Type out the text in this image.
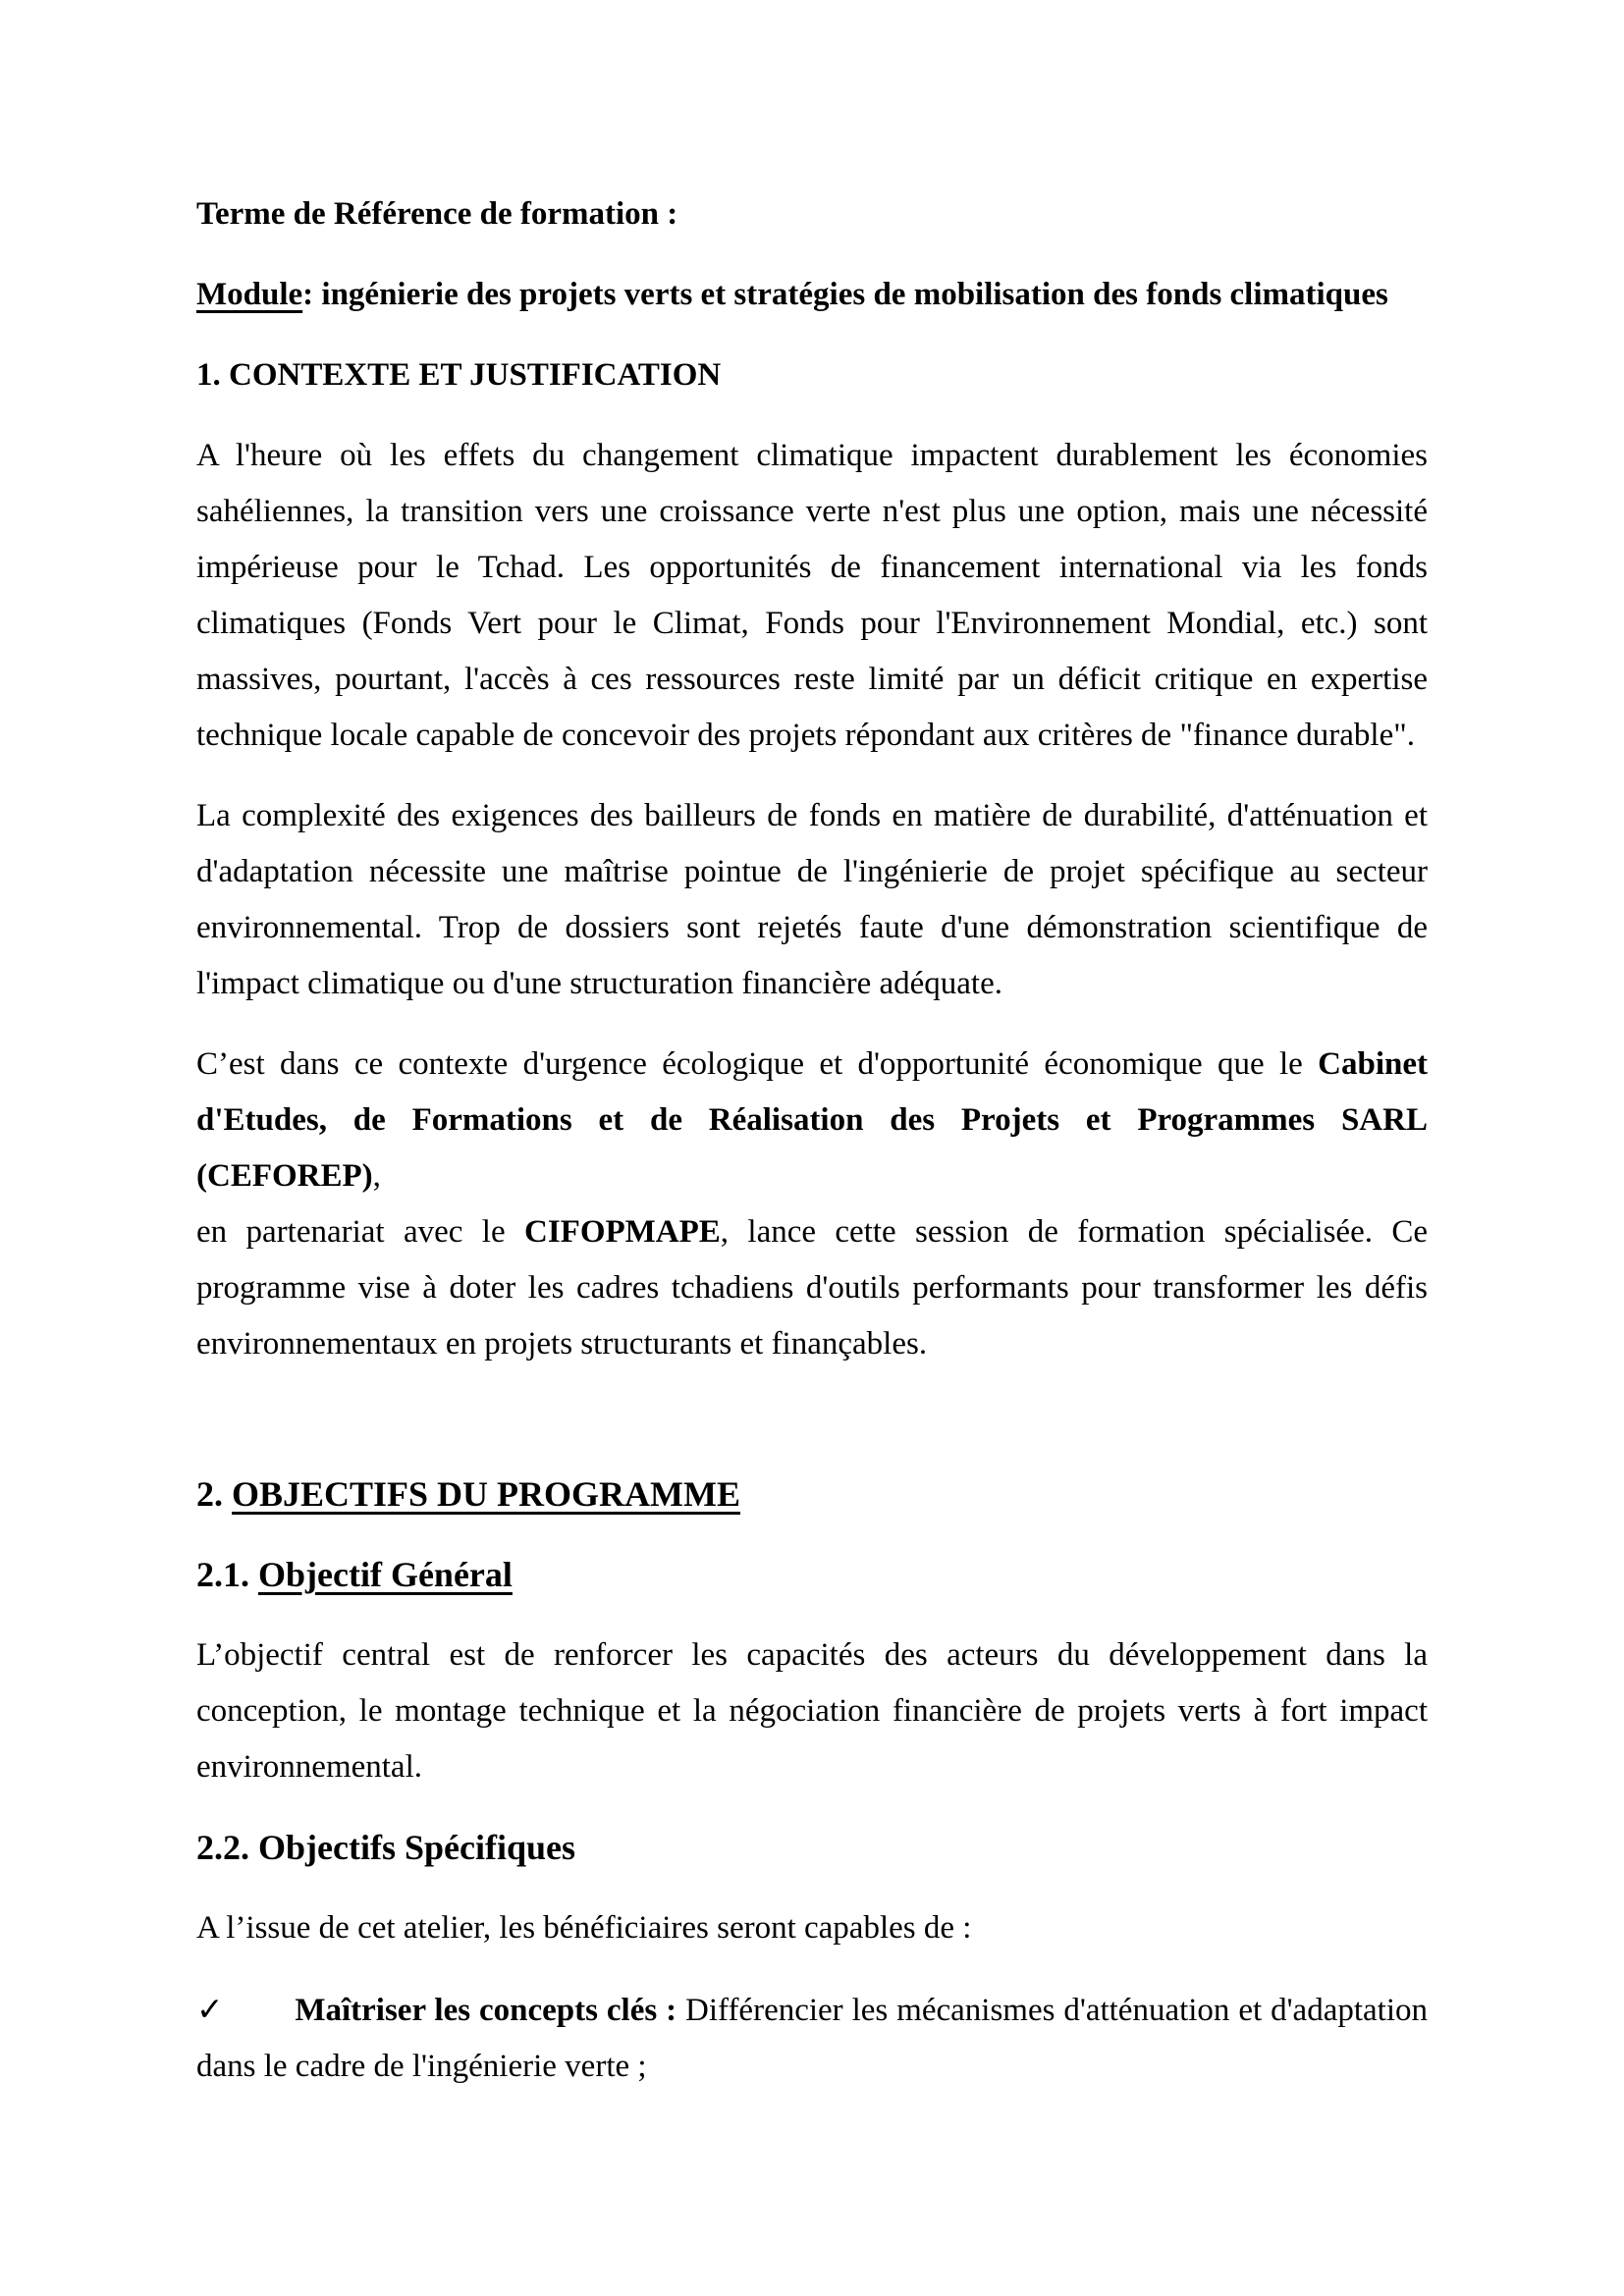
Terme de Référence de formation :
Module: ingénierie des projets verts et stratégies de mobilisation des fonds climatiques
1. CONTEXTE ET JUSTIFICATION
A l'heure où les effets du changement climatique impactent durablement les économies
sahéliennes, la transition vers une croissance verte n'est plus une option, mais une nécessité
impérieuse pour le Tchad. Les opportunités de financement international via les fonds
climatiques (Fonds Vert pour le Climat, Fonds pour l'Environnement Mondial, etc.) sont
massives, pourtant, l'accès à ces ressources reste limité par un déficit critique en expertise
technique locale capable de concevoir des projets répondant aux critères de "finance durable".
La complexité des exigences des bailleurs de fonds en matière de durabilité, d'atténuation et
d'adaptation nécessite une maîtrise pointue de l'ingénierie de projet spécifique au secteur
environnemental. Trop de dossiers sont rejetés faute d'une démonstration scientifique de
l'impact climatique ou d'une structuration financière adéquate.
C’est dans ce contexte d'urgence écologique et d'opportunité économique que le Cabinet
d'Etudes, de Formations et de Réalisation des Projets et Programmes SARL (CEFOREP),
en partenariat avec le CIFOPMAPE, lance cette session de formation spécialisée. Ce
programme vise à doter les cadres tchadiens d'outils performants pour transformer les défis
environnementaux en projets structurants et finançables.
2. OBJECTIFS DU PROGRAMME
2.1. Objectif Général
L’objectif central est de renforcer les capacités des acteurs du développement dans la
conception, le montage technique et la négociation financière de projets verts à fort impact
environnemental.
2.2. Objectifs Spécifiques
A l’issue de cet atelier, les bénéficiaires seront capables de :
✓ Maîtriser les concepts clés : Différencier les mécanismes d'atténuation et d'adaptation
dans le cadre de l'ingénierie verte ;
